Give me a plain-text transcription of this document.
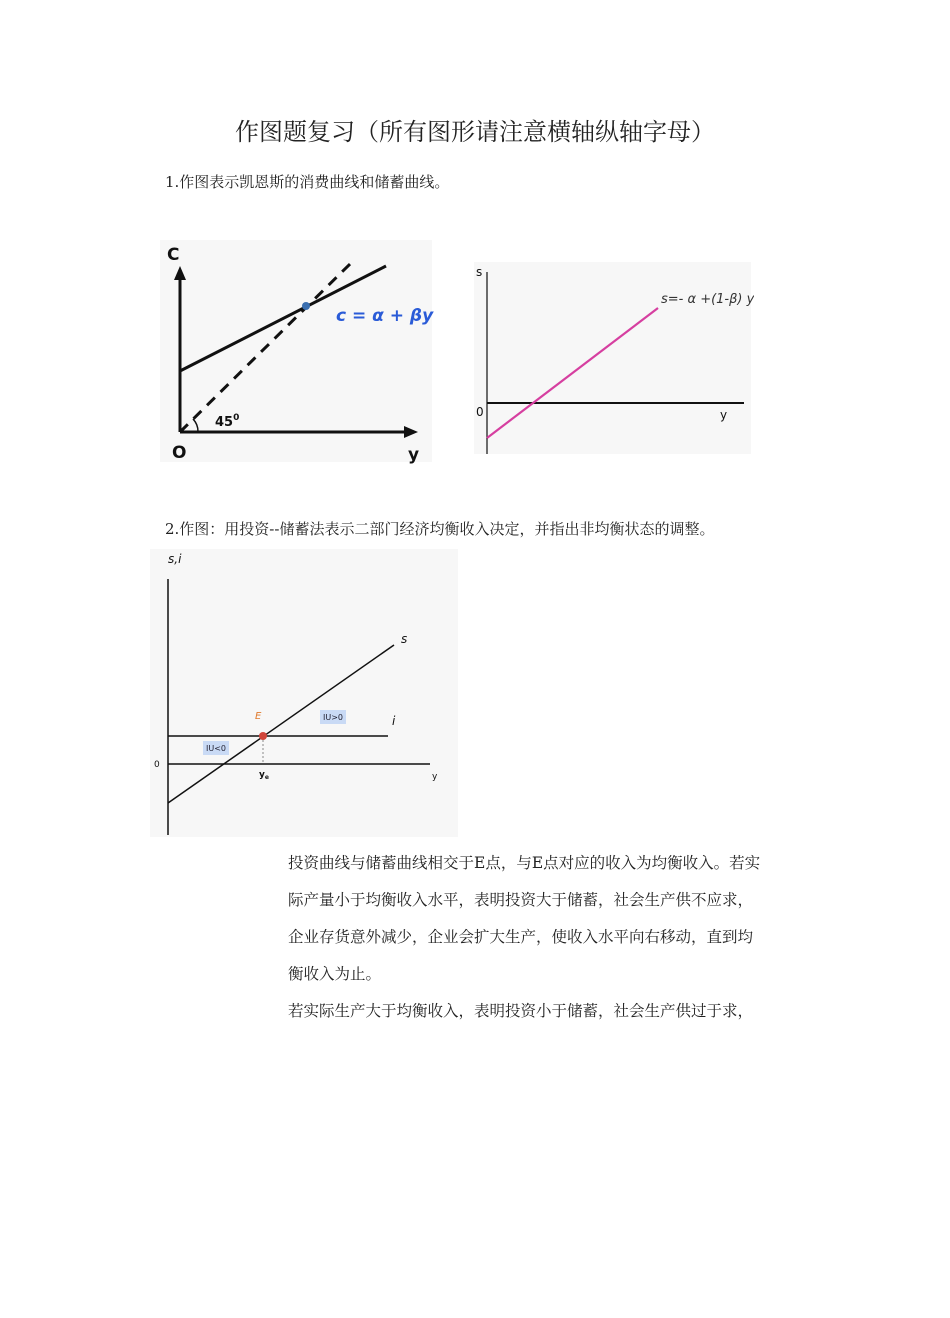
作图题复习（所有图形请注意横轴纵轴字母）
1.作图表示凯恩斯的消费曲线和储蓄曲线。
C
O	y
$45^0$
c = α + βy
s
0	y
s=- α +(1-β) y
2.作图：用投资--储蓄法表示二部门经济均衡收入决定，并指出非均衡状态的调整。
IU>0
IU<0
s,i
0
y
s
i
E
$y_e$

投资曲线与储蓄曲线相交于E点，与E点对应的收入为均衡收入。若实

际产量小于均衡收入水平，表明投资大于储蓄，社会生产供不应求，

企业存货意外减少，企业会扩大生产，使收入水平向右移动，直到均

衡收入为止。

若实际生产大于均衡收入，表明投资小于储蓄，社会生产供过于求，
